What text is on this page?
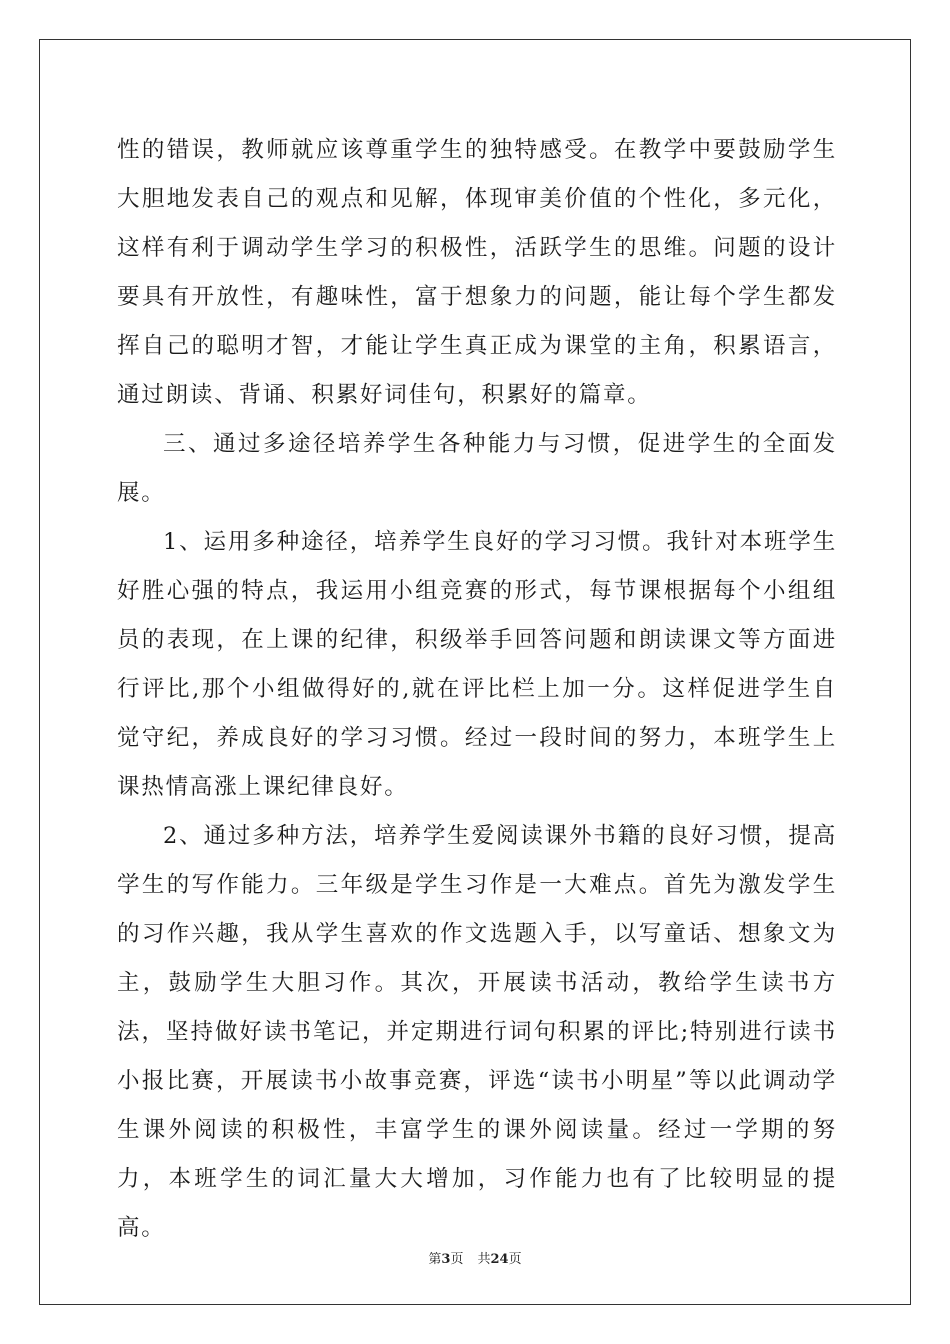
性的错误，教师就应该尊重学生的独特感受。在教学中要鼓励学生大胆地发表自己的观点和见解，体现审美价值的个性化，多元化，这样有利于调动学生学习的积极性，活跃学生的思维。问题的设计要具有开放性，有趣味性，富于想象力的问题，能让每个学生都发挥自己的聪明才智，才能让学生真正成为课堂的主角，积累语言，通过朗读、背诵、积累好词佳句，积累好的篇章。

三、通过多途径培养学生各种能力与习惯，促进学生的全面发展。

1、运用多种途径，培养学生良好的学习习惯。我针对本班学生好胜心强的特点，我运用小组竞赛的形式，每节课根据每个小组组员的表现，在上课的纪律，积级举手回答问题和朗读课文等方面进行评比,那个小组做得好的,就在评比栏上加一分。这样促进学生自觉守纪，养成良好的学习习惯。经过一段时间的努力，本班学生上课热情高涨上课纪律良好。

2、通过多种方法，培养学生爱阅读课外书籍的良好习惯，提高学生的写作能力。三年级是学生习作是一大难点。首先为激发学生的习作兴趣，我从学生喜欢的作文选题入手，以写童话、想象文为主，鼓励学生大胆习作。其次，开展读书活动，教给学生读书方法，坚持做好读书笔记，并定期进行词句积累的评比;特别进行读书小报比赛，开展读书小故事竞赛，评选“读书小明星”等以此调动学生课外阅读的积极性，丰富学生的课外阅读量。经过一学期的努力，本班学生的词汇量大大增加，习作能力也有了比较明显的提高。

第3页 共24页
